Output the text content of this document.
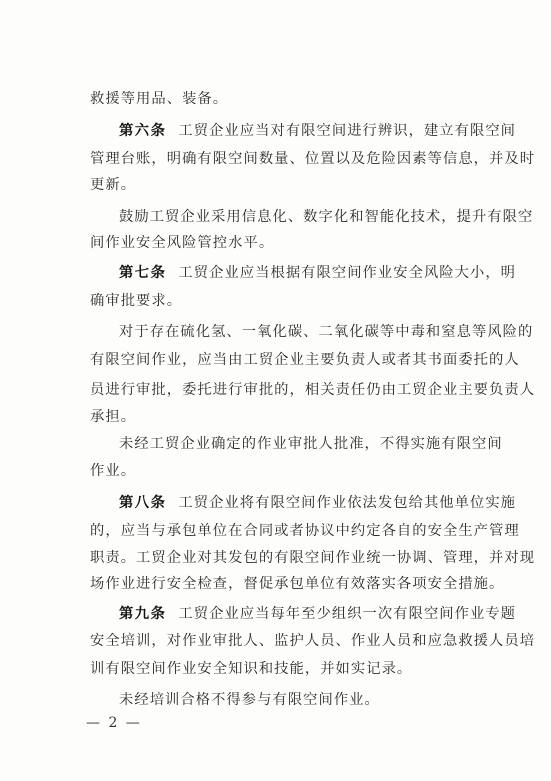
救援等用品、装备。
第六条 工贸企业应当对有限空间进行辨识，建立有限空间
管理台账，明确有限空间数量、位置以及危险因素等信息，并及时
更新。
鼓励工贸企业采用信息化、数字化和智能化技术，提升有限空
间作业安全风险管控水平。
第七条 工贸企业应当根据有限空间作业安全风险大小，明
确审批要求。
对于存在硫化氢、一氧化碳、二氧化碳等中毒和窒息等风险的
有限空间作业，应当由工贸企业主要负责人或者其书面委托的人
员进行审批，委托进行审批的，相关责任仍由工贸企业主要负责人
承担。
未经工贸企业确定的作业审批人批准，不得实施有限空间
作业。
第八条 工贸企业将有限空间作业依法发包给其他单位实施
的，应当与承包单位在合同或者协议中约定各自的安全生产管理
职责。工贸企业对其发包的有限空间作业统一协调、管理，并对现
场作业进行安全检查，督促承包单位有效落实各项安全措施。
第九条 工贸企业应当每年至少组织一次有限空间作业专题
安全培训，对作业审批人、监护人员、作业人员和应急救援人员培
训有限空间作业安全知识和技能，并如实记录。
未经培训合格不得参与有限空间作业。
— 2 —
